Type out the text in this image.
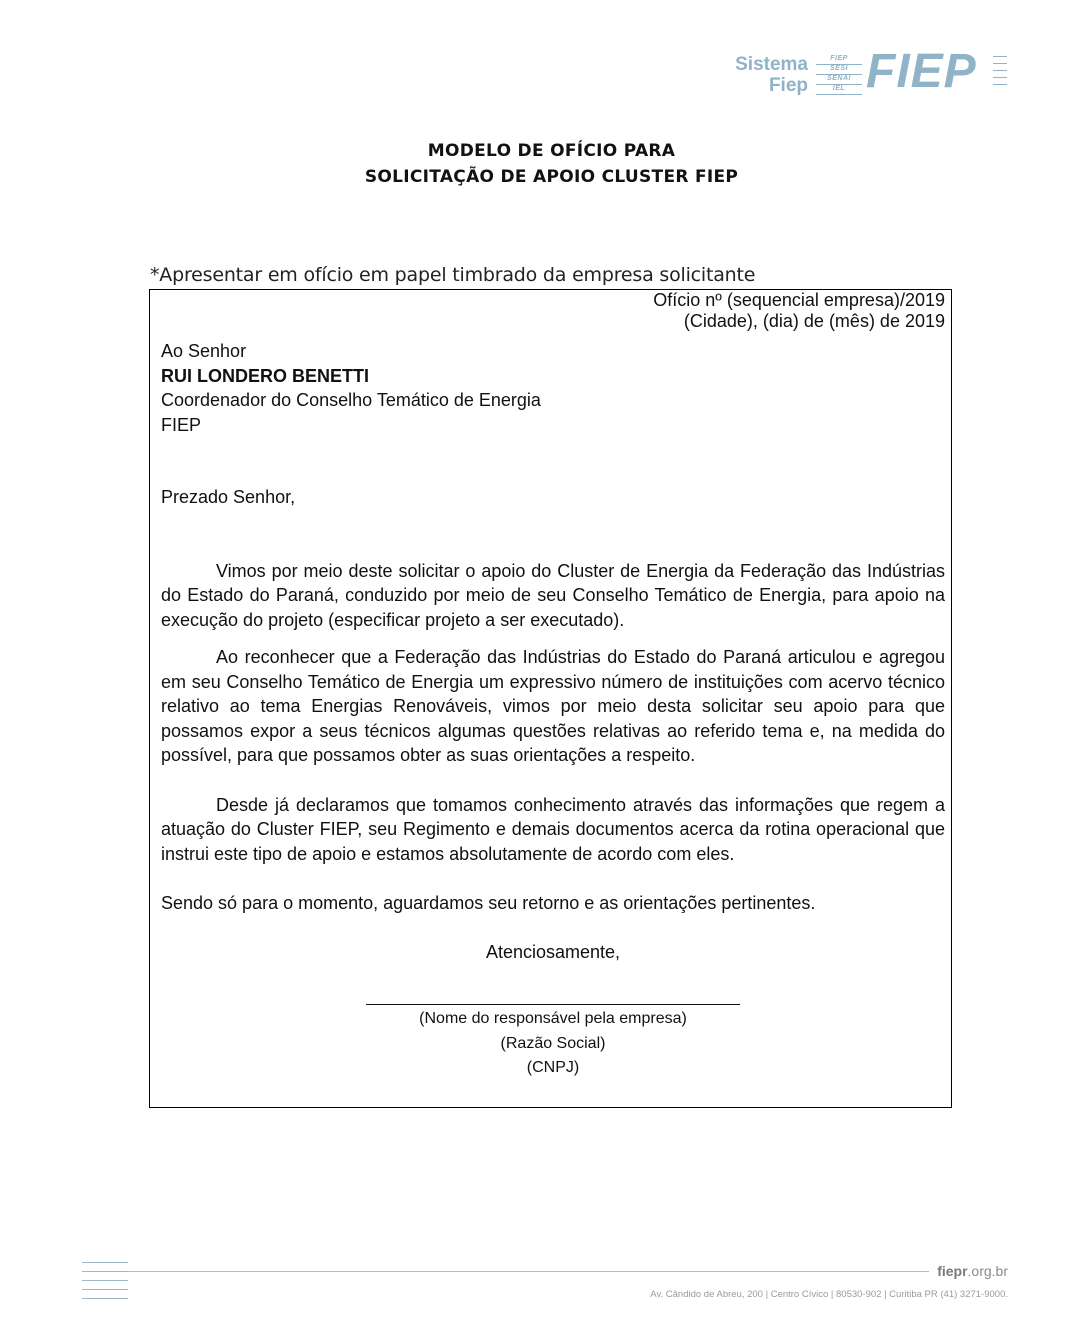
Sistema
Fiep
FIEP
SESI
SENAI
IEL FIEP
MODELO DE OFÍCIO PARA
SOLICITAÇÃO DE APOIO CLUSTER FIEP
*Apresentar em ofício em papel timbrado da empresa solicitante
Ofício nº (sequencial empresa)/2019
(Cidade), (dia) de (mês) de 2019
Ao Senhor
RUI LONDERO BENETTI
Coordenador do Conselho Temático de Energia
FIEP
Prezado Senhor,
Vimos por meio deste solicitar o apoio do Cluster de Energia da Federação das Indústrias do Estado do Paraná, conduzido por meio de seu Conselho Temático de Energia, para apoio na execução do projeto (especificar projeto a ser executado).
Ao reconhecer que a Federação das Indústrias do Estado do Paraná articulou e agregou em seu Conselho Temático de Energia um expressivo número de instituições com acervo técnico relativo ao tema Energias Renováveis, vimos por meio desta solicitar seu apoio para que possamos expor a seus técnicos algumas questões relativas ao referido tema e, na medida do possível, para que possamos obter as suas orientações a respeito.
Desde já declaramos que tomamos conhecimento através das informações que regem a atuação do Cluster FIEP, seu Regimento e demais documentos acerca da rotina operacional que instrui este tipo de apoio e estamos absolutamente de acordo com eles.
Sendo só para o momento, aguardamos seu retorno e as orientações pertinentes.
Atenciosamente,
(Nome do responsável pela empresa)
(Razão Social)
(CNPJ)
fiepr.org.br
Av. Cândido de Abreu, 200 | Centro Cívico | 80530-902 | Curitiba PR (41) 3271-9000.
